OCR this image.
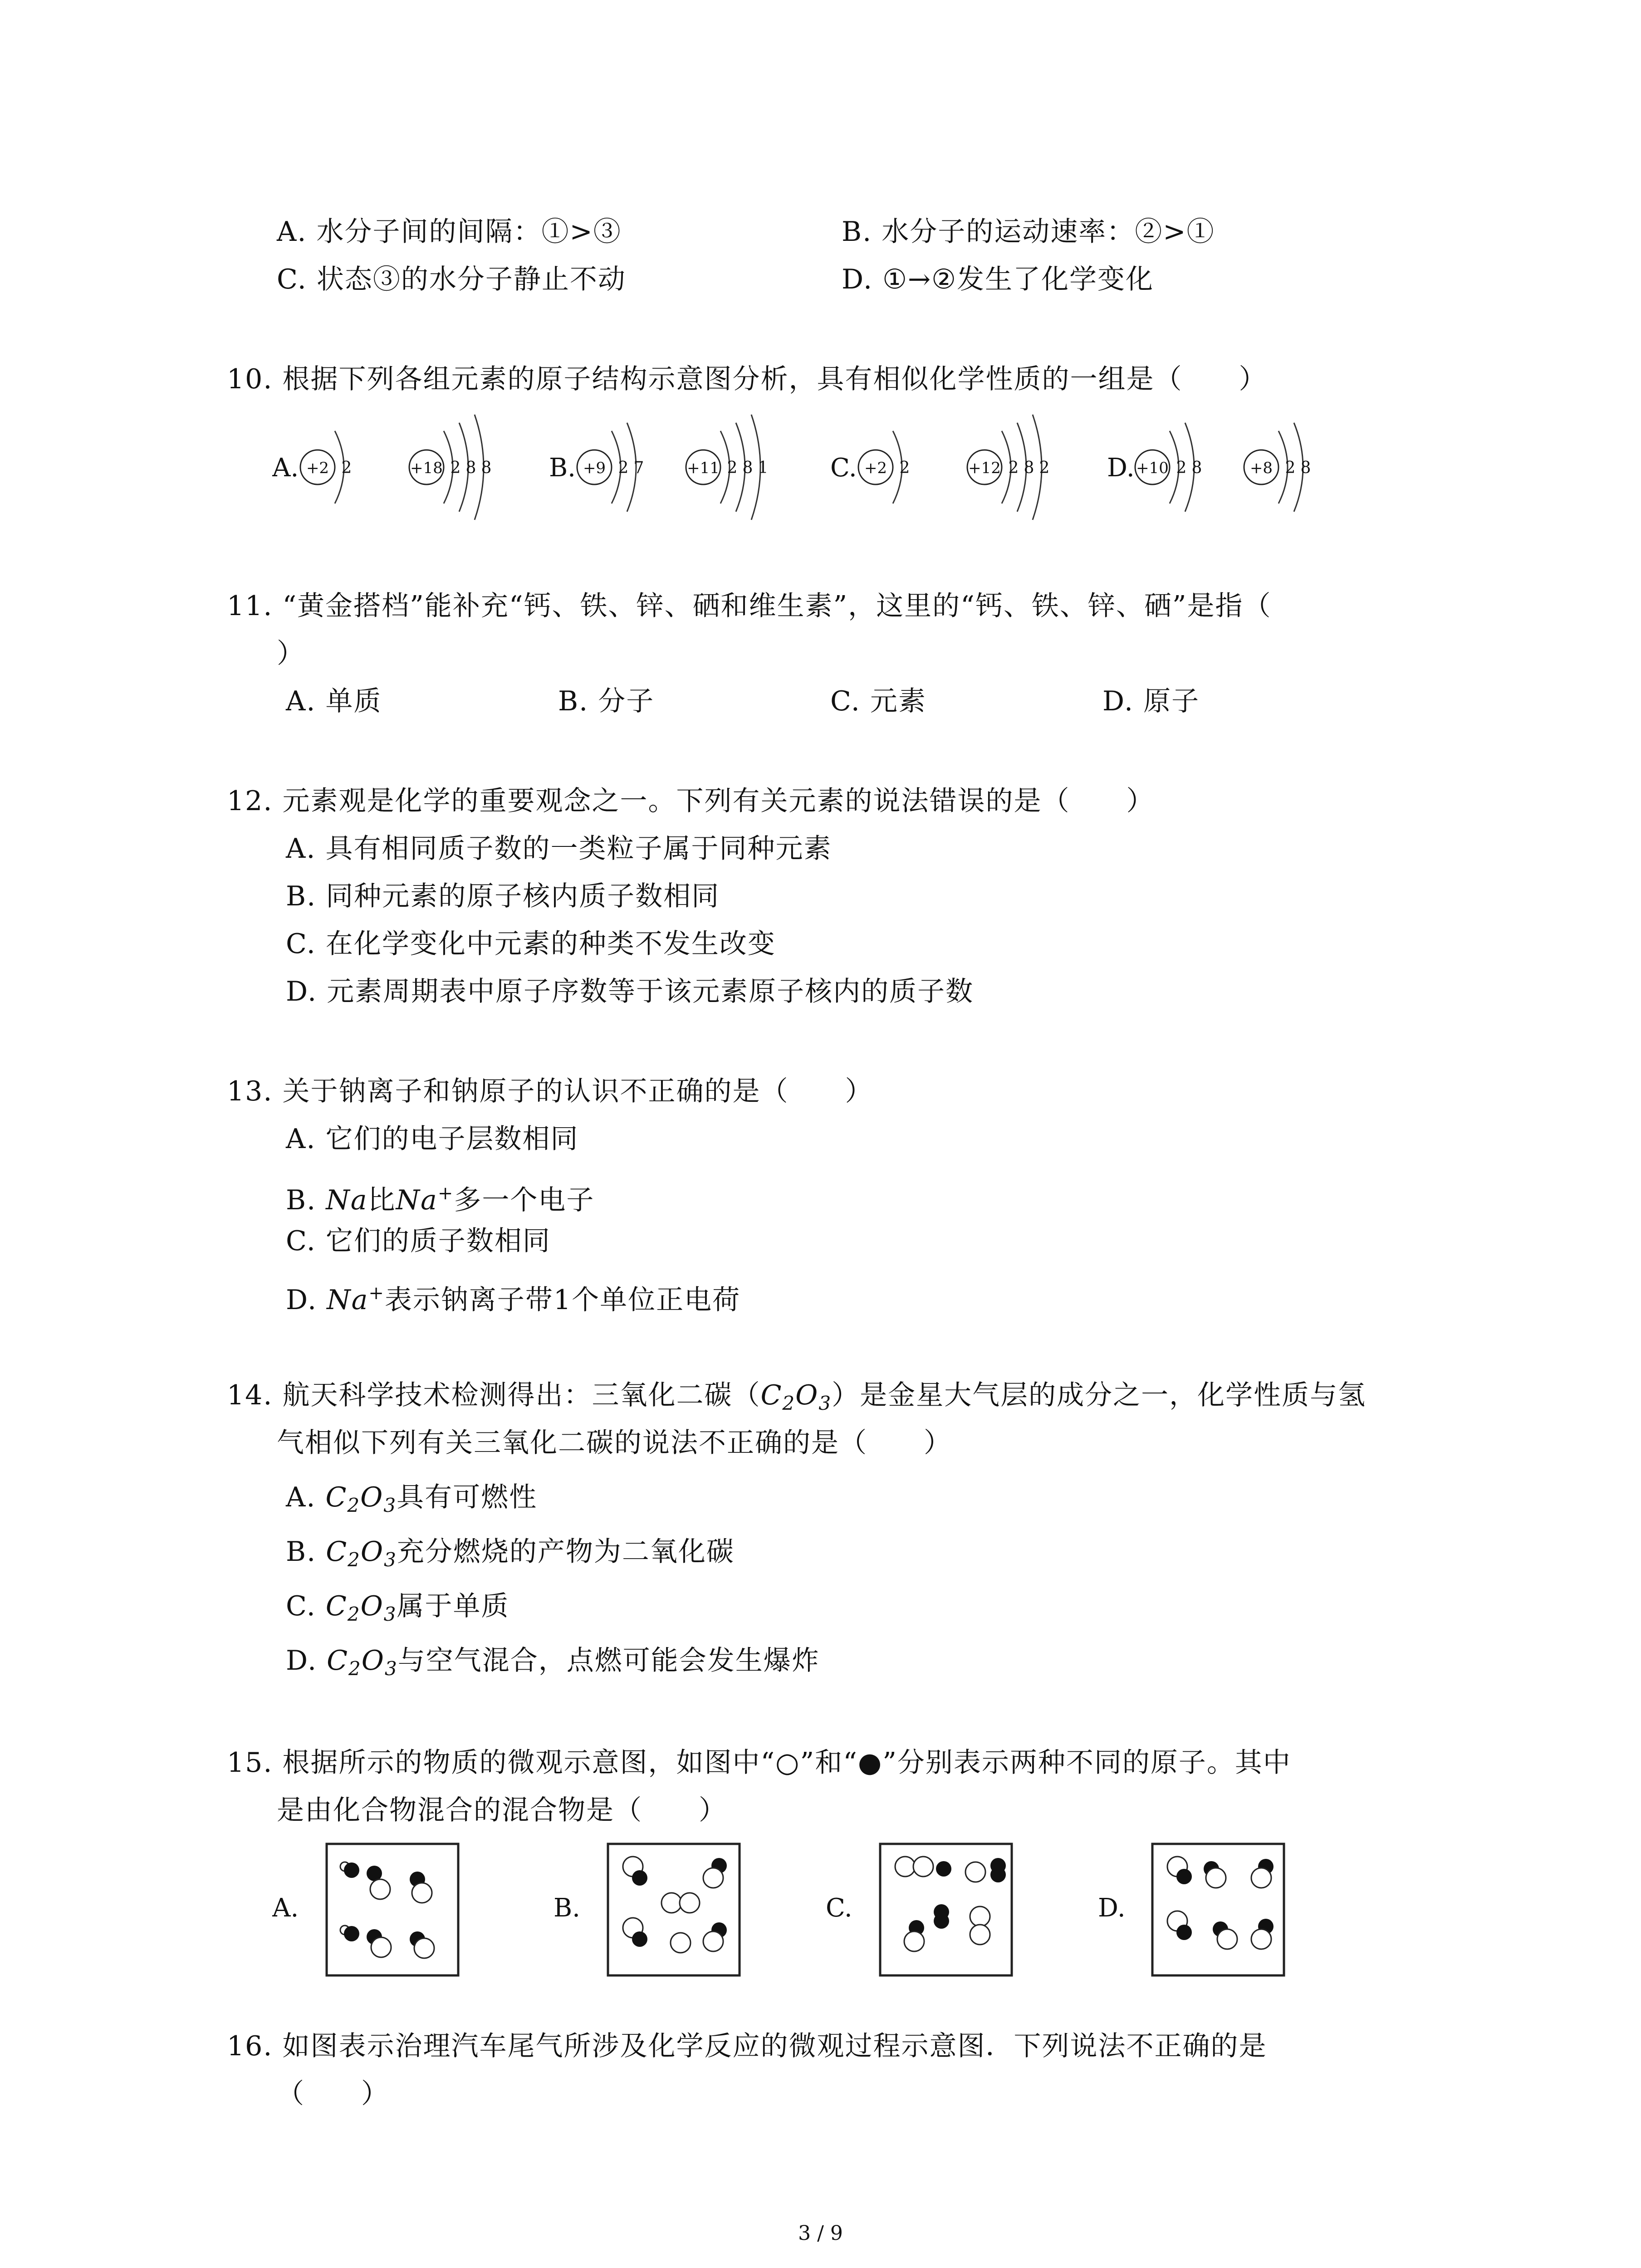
A. 水分子间的间隔：①>③	B. 水分子的运动速率：②>①
C. 状态③的水分子静止不动	D. ①→②发生了化学变化
10. 根据下列各组元素的原子结构示意图分析，具有相似化学性质的一组是（　　）
A. +2 2	+18 2 8 8 B. +9 2 7	+11 2 8 1 C. +2 2	+12 2 8 2 D. +10 2 8	+8 2 8
11. “黄金搭档”能补充“钙、铁、锌、硒和维生素”，这里的“钙、铁、锌、硒”是指（
）
A. 单质	B. 分子	C. 元素	D. 原子
12. 元素观是化学的重要观念之一。下列有关元素的说法错误的是（　　）
A. 具有相同质子数的一类粒子属于同种元素
B. 同种元素的原子核内质子数相同
C. 在化学变化中元素的种类不发生改变
D. 元素周期表中原子序数等于该元素原子核内的质子数
13. 关于钠离子和钠原子的认识不正确的是（　　）
A. 它们的电子层数相同
B. Na比Na+多一个电子
C. 它们的质子数相同
D. Na+表示钠离子带1个单位正电荷
14. 航天科学技术检测得出：三氧化二碳$(C_2O_3)$是金星大气层的成分之一，化学性质与氢
气相似下列有关三氧化二碳的说法不正确的是（　　）
A. $C_2O_3$具有可燃性
B. $C_2O_3$充分燃烧的产物为二氧化碳
C. $C_2O_3$属于单质
D. $C_2O_3$与空气混合，点燃可能会发生爆炸
15. 根据所示的物质的微观示意图，如图中“○”和“●”分别表示两种不同的原子。其中
是由化合物混合的混合物是（　　）
A.	B.	C.	D.
16. 如图表示治理汽车尾气所涉及化学反应的微观过程示意图．下列说法不正确的是
（　　）
3 / 9
